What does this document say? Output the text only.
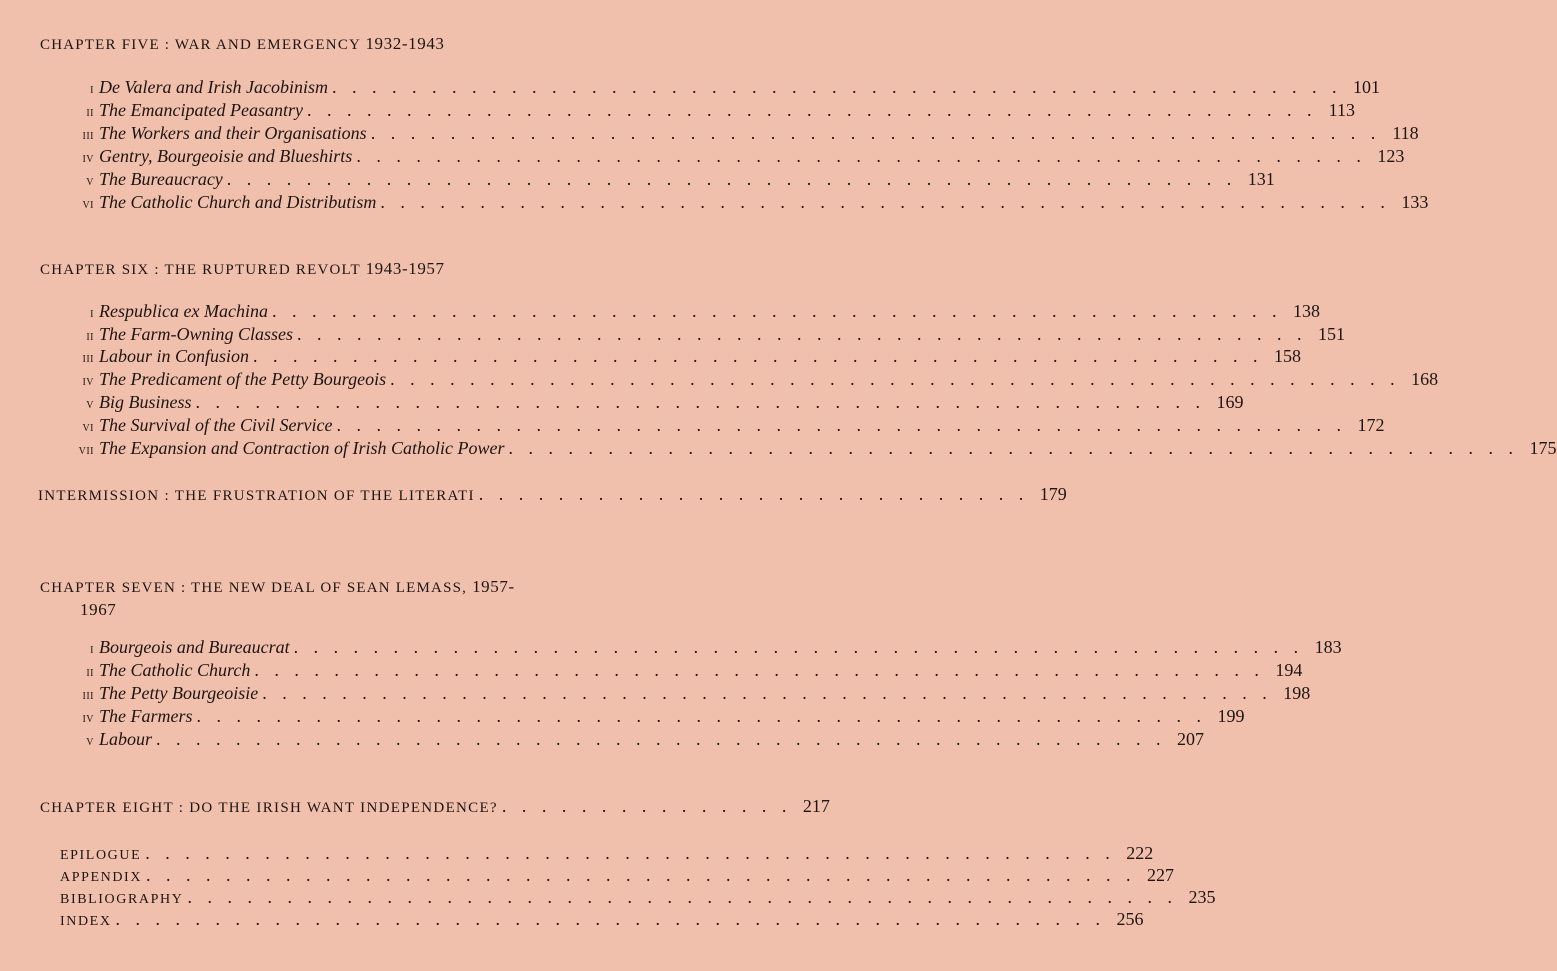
CHAPTER FIVE : WAR AND EMERGENCY 1932-1943
i De Valera and Irish Jacobinism . . . . . . . . . . . . . . . . . . . . . . . . . . . . . . . . . . . . . . . . . . . . . . . . . . . 101
ii The Emancipated Peasantry . . . . . . . . . . . . . . . . . . . . . . . . . . . . . . . . . . . . . . . . . . . . . . . . . . . 113
iii The Workers and their Organisations . . . . . . . . . . . . . . . . . . . . . . . . . . . . . . . . . . . . . . . . . . . . . . . . . . . 118
iv Gentry, Bourgeoisie and Blueshirts . . . . . . . . . . . . . . . . . . . . . . . . . . . . . . . . . . . . . . . . . . . . . . . . . . . 123
v The Bureaucracy . . . . . . . . . . . . . . . . . . . . . . . . . . . . . . . . . . . . . . . . . . . . . . . . . . . 131
vi The Catholic Church and Distributism . . . . . . . . . . . . . . . . . . . . . . . . . . . . . . . . . . . . . . . . . . . . . . . . . . . 133
CHAPTER SIX : THE RUPTURED REVOLT 1943-1957
i Respublica ex Machina . . . . . . . . . . . . . . . . . . . . . . . . . . . . . . . . . . . . . . . . . . . . . . . . . . . 138
ii The Farm-Owning Classes . . . . . . . . . . . . . . . . . . . . . . . . . . . . . . . . . . . . . . . . . . . . . . . . . . . 151
iii Labour in Confusion . . . . . . . . . . . . . . . . . . . . . . . . . . . . . . . . . . . . . . . . . . . . . . . . . . . 158
iv The Predicament of the Petty Bourgeois . . . . . . . . . . . . . . . . . . . . . . . . . . . . . . . . . . . . . . . . . . . . . . . . . . . 168
v Big Business . . . . . . . . . . . . . . . . . . . . . . . . . . . . . . . . . . . . . . . . . . . . . . . . . . . 169
vi The Survival of the Civil Service . . . . . . . . . . . . . . . . . . . . . . . . . . . . . . . . . . . . . . . . . . . . . . . . . . . 172
vii The Expansion and Contraction of Irish Catholic Power . . . . . . . . . . . . . . . . . . . . . . . . . . . . . . . . . . . . . . . . . . . . . . . . . . . 175
INTERMISSION : THE FRUSTRATION OF THE LITERATI . . . . . . . . . . . . . . . . . . . . . . . . . . . . 179
CHAPTER SEVEN : THE NEW DEAL OF SEAN LEMASS, 1957-
1967
i Bourgeois and Bureaucrat . . . . . . . . . . . . . . . . . . . . . . . . . . . . . . . . . . . . . . . . . . . . . . . . . . . 183
ii The Catholic Church . . . . . . . . . . . . . . . . . . . . . . . . . . . . . . . . . . . . . . . . . . . . . . . . . . . 194
iii The Petty Bourgeoisie . . . . . . . . . . . . . . . . . . . . . . . . . . . . . . . . . . . . . . . . . . . . . . . . . . . 198
iv The Farmers . . . . . . . . . . . . . . . . . . . . . . . . . . . . . . . . . . . . . . . . . . . . . . . . . . . 199
v Labour . . . . . . . . . . . . . . . . . . . . . . . . . . . . . . . . . . . . . . . . . . . . . . . . . . . 207
CHAPTER EIGHT : DO THE IRISH WANT INDEPENDENCE? . . . . . . . . . . . . . . . 217
EPILOGUE . . . . . . . . . . . . . . . . . . . . . . . . . . . . . . . . . . . . . . . . . . . . . . . . . 222
APPENDIX . . . . . . . . . . . . . . . . . . . . . . . . . . . . . . . . . . . . . . . . . . . . . . . . . . 227
BIBLIOGRAPHY . . . . . . . . . . . . . . . . . . . . . . . . . . . . . . . . . . . . . . . . . . . . . . . . . . 235
INDEX . . . . . . . . . . . . . . . . . . . . . . . . . . . . . . . . . . . . . . . . . . . . . . . . . . 256
